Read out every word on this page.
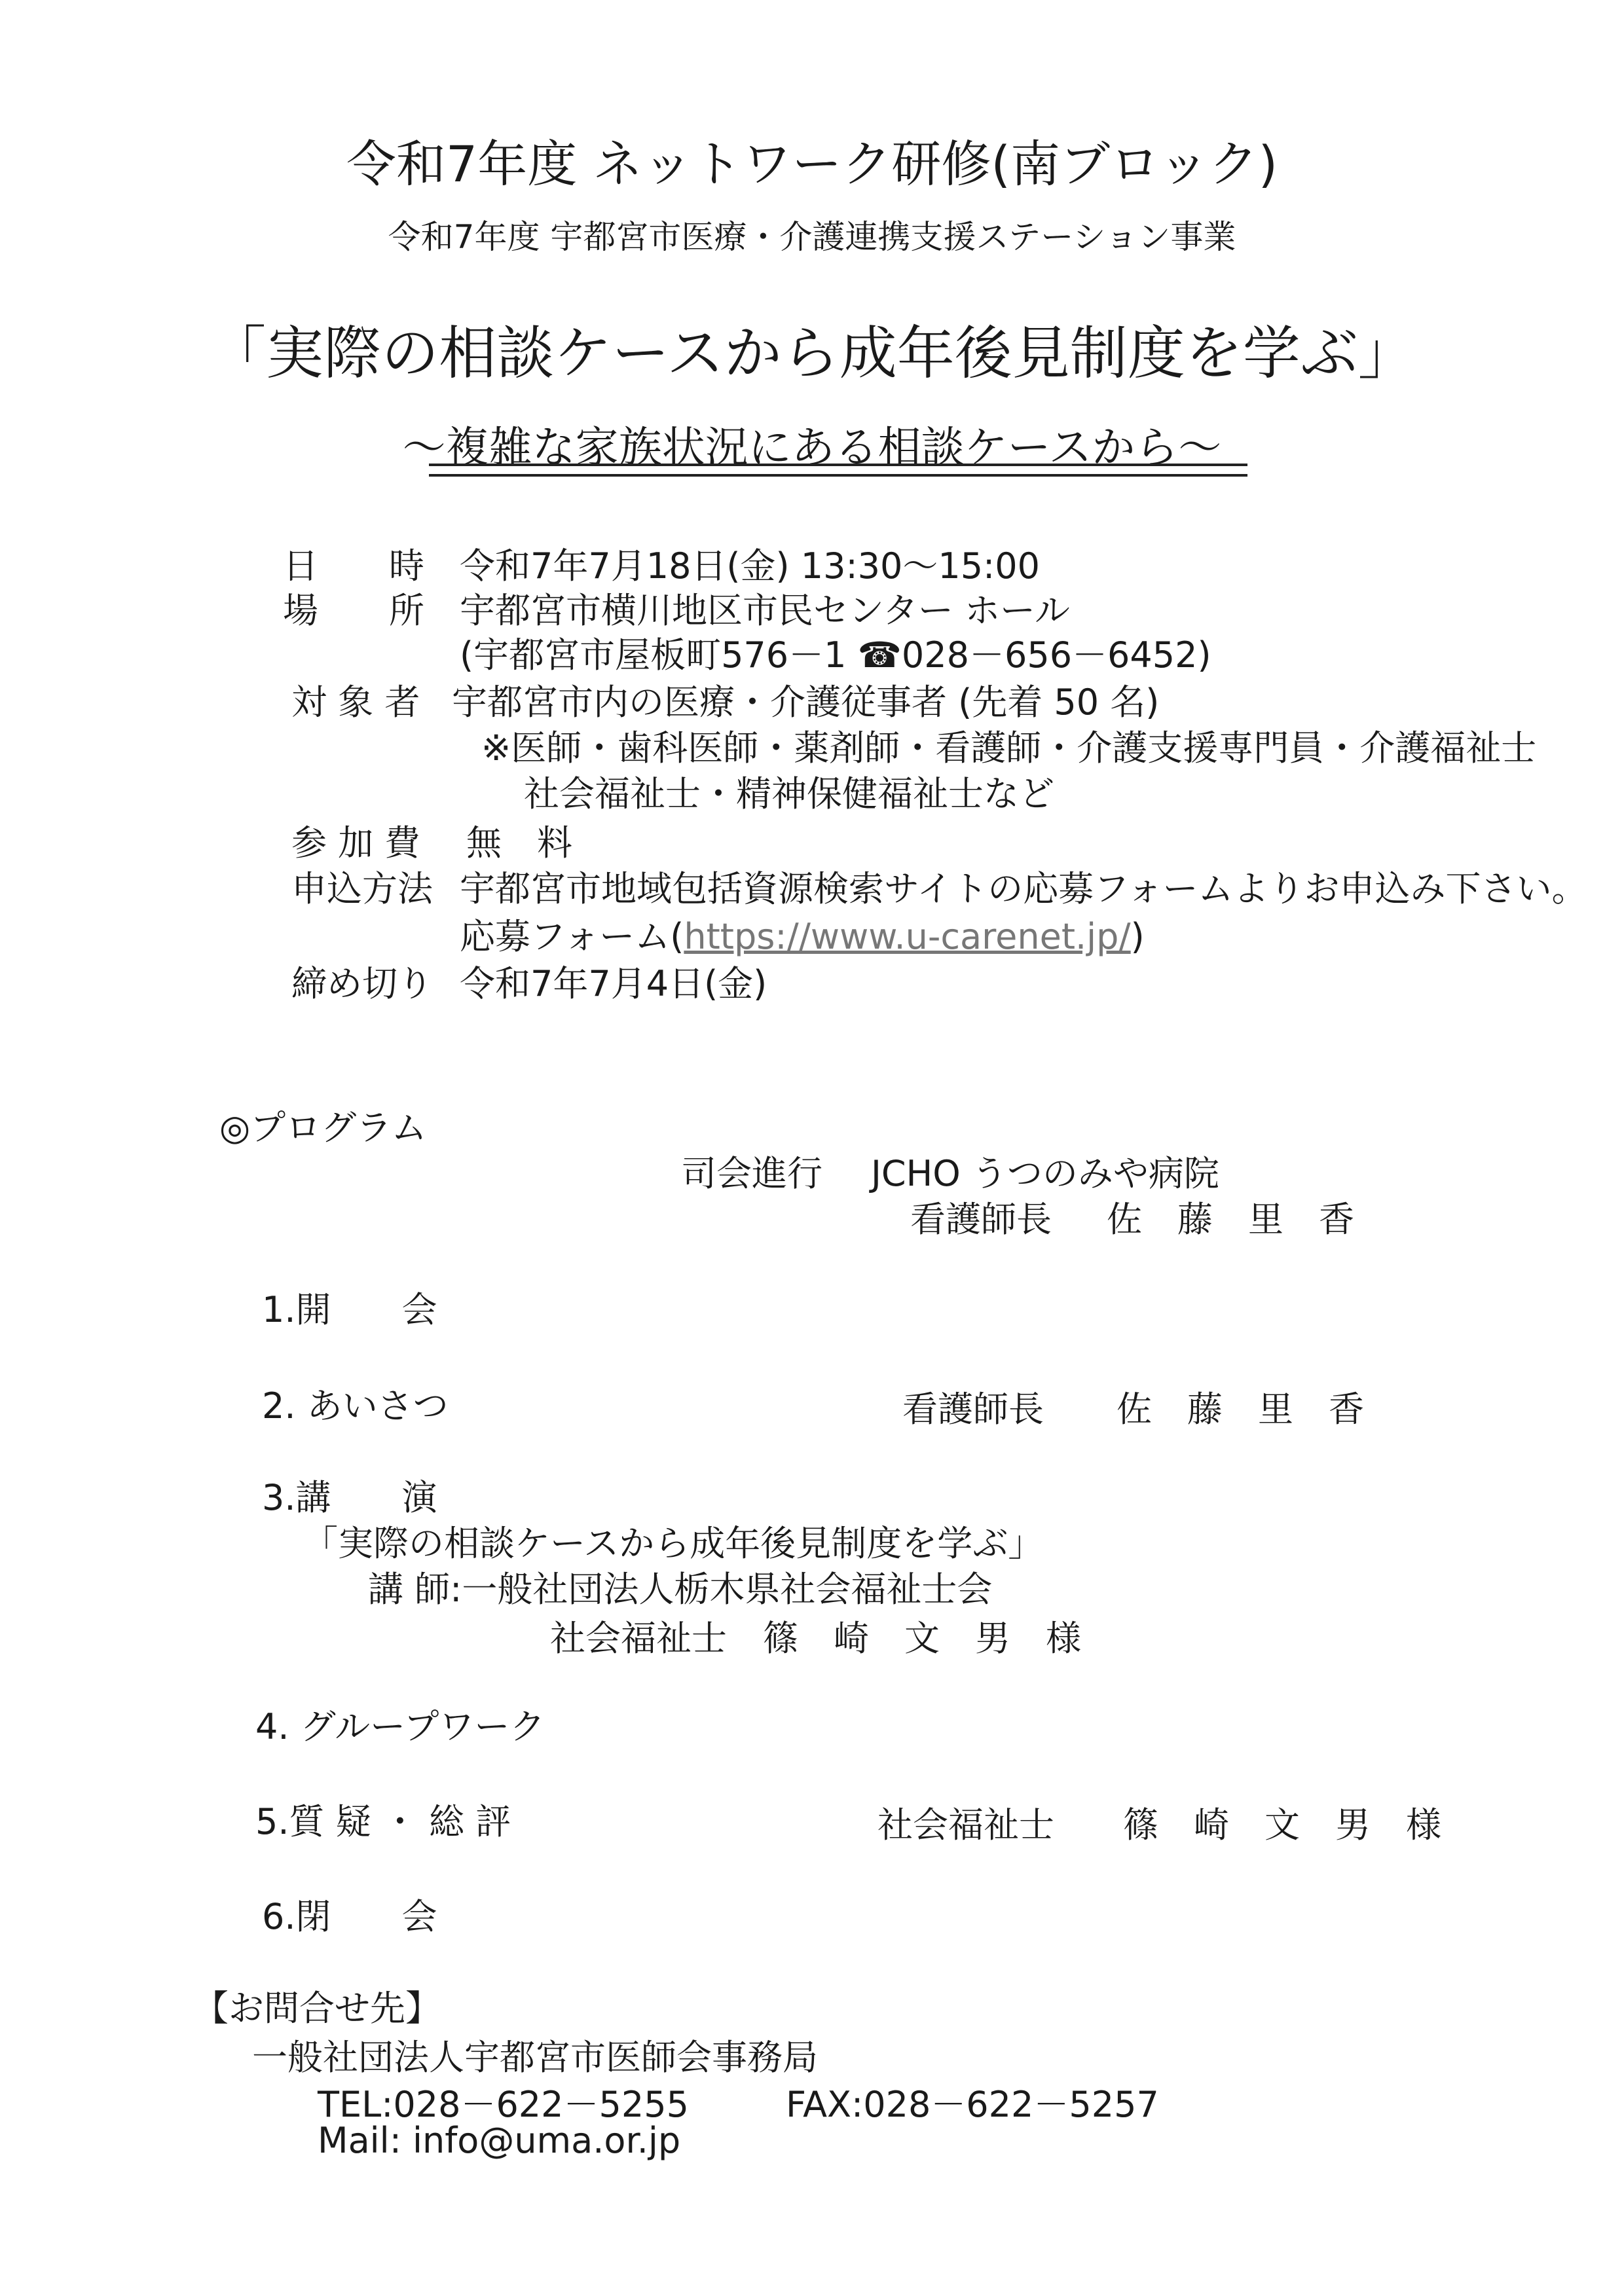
令和7年度 ネットワーク研修(南ブロック)
令和7年度 宇都宮市医療・介護連携支援ステーション事業
「実際の相談ケースから成年後見制度を学ぶ」
～複雑な家族状況にある相談ケースから～
日　　時 令和7年7月18日(金) 13:30～15:00
場　　所 宇都宮市横川地区市民センター ホール
(宇都宮市屋板町576－1 ☎028－656－6452)
対 象 者 宇都宮市内の医療・介護従事者 (先着 50 名)
※医師・歯科医師・薬剤師・看護師・介護支援専門員・介護福祉士
社会福祉士・精神保健福祉士など
参 加 費 無　料
申込方法 宇都宮市地域包括資源検索サイトの応募フォームよりお申込み下さい。
応募フォーム(https://www.u-carenet.jp/)
締め切り 令和7年7月4日(金)
◎プログラム
司会進行 JCHO うつのみや病院
看護師長 佐　藤　里　香
1.開　　会
2. あいさつ	看護師長 佐　藤　里　香
3.講　　演
「実際の相談ケースから成年後見制度を学ぶ」
講 師:一般社団法人栃木県社会福祉士会
社会福祉士 篠　崎　文　男　様
4. グループワーク
5.質 疑 ・ 総 評	社会福祉士 篠　崎　文　男　様
6.閉　　会
【お問合せ先】
一般社団法人宇都宮市医師会事務局
TEL:028－622－5255	FAX:028－622－5257
Mail: info@uma.or.jp
